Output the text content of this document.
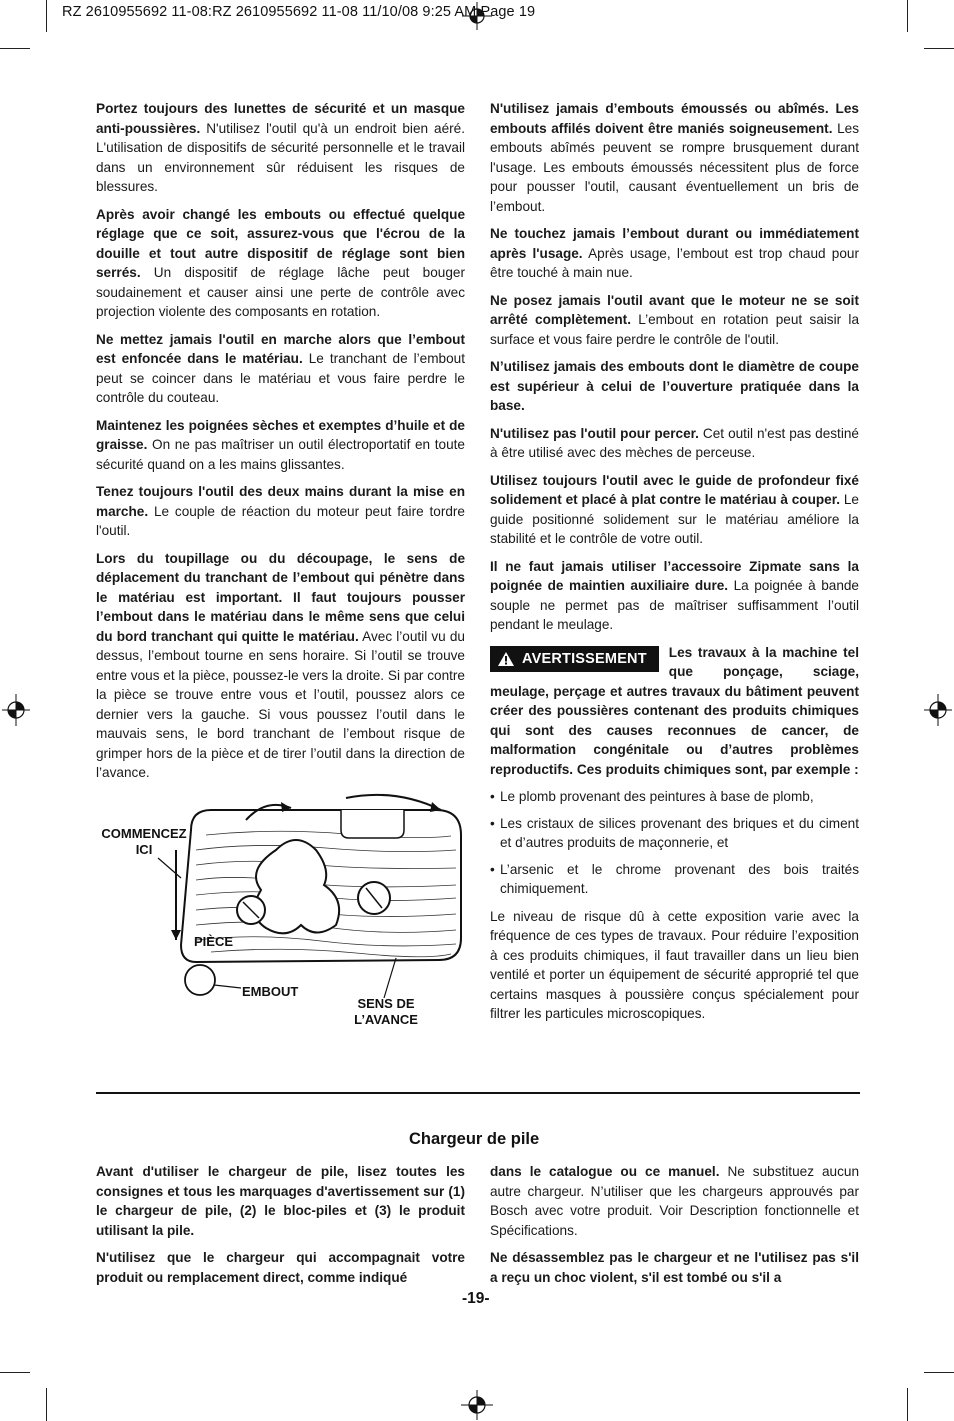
RZ 2610955692 11-08:RZ 2610955692 11-08 11/10/08 9:25 AM Page 19

Portez toujours des lunettes de sécurité et un masque anti-poussières. N'utilisez l'outil qu'à un endroit bien aéré. L'utilisation de dispositifs de sécurité personnelle et le travail dans un environnement sûr réduisent les risques de blessures.

Après avoir changé les embouts ou effectué quelque réglage que ce soit, assurez-vous que l'écrou de la douille et tout autre dispositif de réglage sont bien serrés. Un dispositif de réglage lâche peut bouger soudainement et causer ainsi une perte de contrôle avec projection violente des composants en rotation.

Ne mettez jamais l'outil en marche alors que l’embout est enfoncée dans le matériau. Le tranchant de l’embout peut se coincer dans le matériau et vous faire perdre le contrôle du couteau.

Maintenez les poignées sèches et exemptes d’huile et de graisse. On ne pas maîtriser un outil électroportatif en toute sécurité quand on a les mains glissantes.

Tenez toujours l'outil des deux mains durant la mise en marche. Le couple de réaction du moteur peut faire tordre l'outil.

Lors du toupillage ou du découpage, le sens de déplacement du tranchant de l’embout qui pénètre dans le matériau est important. Il faut toujours pousser l’embout dans le matériau dans le même sens que celui du bord tranchant qui quitte le matériau. Avec l’outil vu du dessus, l’embout tourne en sens horaire. Si l’outil se trouve entre vous et la pièce, poussez-le vers la droite. Si par contre la pièce se trouve entre vous et l’outil, poussez alors ce dernier vers la gauche. Si vous poussez l’outil dans le mauvais sens, le bord tranchant de l’embout risque de grimper hors de la pièce et de tirer l’outil dans la direction de l’avance.

COMMENCEZ ICI
PIÈCE
EMBOUT
SENS DE L’AVANCE

N'utilisez jamais d’embouts émoussés ou abîmés. Les embouts affilés doivent être maniés soigneusement. Les embouts abîmés peuvent se rompre brusquement durant l'usage. Les embouts émoussés nécessitent plus de force pour pousser l'outil, causant éventuellement un bris de l’embout.

Ne touchez jamais l’embout durant ou immédiatement après l'usage. Après usage, l’embout est trop chaud pour être touché à main nue.

Ne posez jamais l'outil avant que le moteur ne se soit arrêté complètement. L’embout en rotation peut saisir la surface et vous faire perdre le contrôle de l'outil.

N’utilisez jamais des embouts dont le diamètre de coupe est supérieur à celui de l’ouverture pratiquée dans la base.

N'utilisez pas l'outil pour percer. Cet outil n'est pas destiné à être utilisé avec des mèches de perceuse.

Utilisez toujours l'outil avec le guide de profondeur fixé solidement et placé à plat contre le matériau à couper. Le guide positionné solidement sur le matériau améliore la stabilité et le contrôle de votre outil.

Il ne faut jamais utiliser l’accessoire Zipmate sans la poignée de maintien auxiliaire dure. La poignée à bande souple ne permet pas de maîtriser suffisamment l’outil pendant le meulage.

AVERTISSEMENT	Les travaux à la machine tel que ponçage, sciage, meulage, perçage et autres travaux du bâtiment peuvent créer des poussières contenant des produits chimiques qui sont des causes reconnues de cancer, de malformation congénitale ou d’autres problèmes reproductifs. Ces produits chimiques sont, par exemple :

• Le plomb provenant des peintures à base de plomb,
• Les cristaux de silices provenant des briques et du ciment et d’autres produits de maçonnerie, et
• L’arsenic et le chrome provenant des bois traités chimiquement.

Le niveau de risque dû à cette exposition varie avec la fréquence de ces types de travaux. Pour réduire l’exposition à ces produits chimiques, il faut travailler dans un lieu bien ventilé et porter un équipement de sécurité approprié tel que certains masques à poussière conçus spécialement pour filtrer les particules microscopiques.

Chargeur de pile

Avant d'utiliser le chargeur de pile, lisez toutes les consignes et tous les marquages d'avertissement sur (1) le chargeur de pile, (2) le bloc-piles et (3) le produit utilisant la pile.

N'utilisez que le chargeur qui accompagnait votre produit ou remplacement direct, comme indiqué

dans le catalogue ou ce manuel. Ne substituez aucun autre chargeur. N’utiliser que les chargeurs approuvés par Bosch avec votre produit. Voir Description fonctionnelle et Spécifications.

Ne désassemblez pas le chargeur et ne l'utilisez pas s'il a reçu un choc violent, s'il est tombé ou s'il a

-19-
